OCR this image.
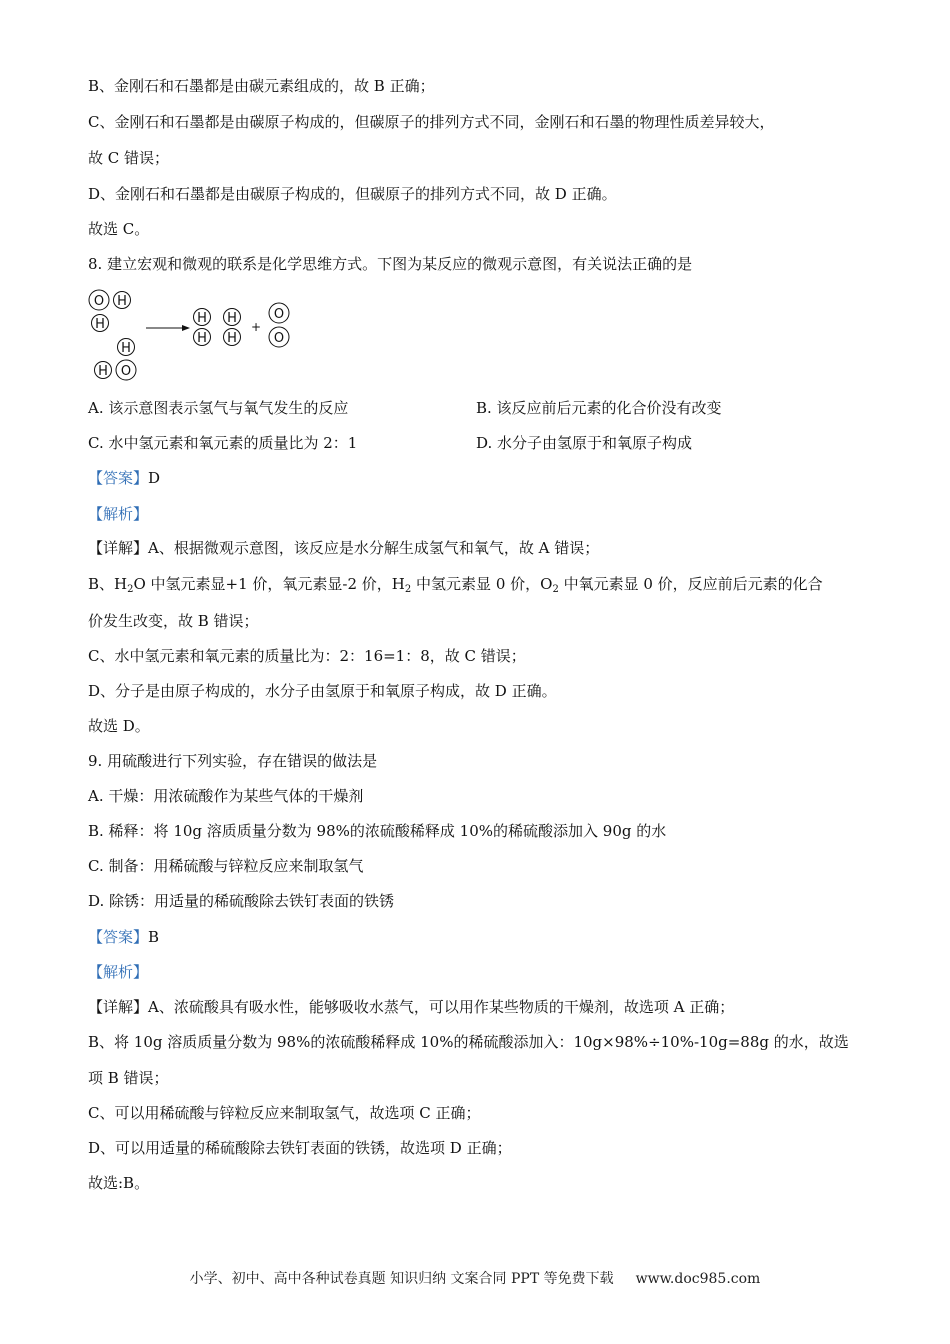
B、金刚石和石墨都是由碳元素组成的，故 B 正确；
C、金刚石和石墨都是由碳原子构成的，但碳原子的排列方式不同，金刚石和石墨的物理性质差异较大，
故 C 错误；
D、金刚石和石墨都是由碳原子构成的，但碳原子的排列方式不同，故 D 正确。
故选 C。
8. 建立宏观和微观的联系是化学思维方式。下图为某反应的微观示意图，有关说法正确的是
O H
H
H
H O
H
H
H
H
O
O
+
A. 该示意图表示氢气与氧气发生的反应	B. 该反应前后元素的化合价没有改变
C. 水中氢元素和氧元素的质量比为 2：1	D. 水分子由氢原于和氧原子构成
【答案】D
【解析】
【详解】A、根据微观示意图，该反应是水分解生成氢气和氧气，故 A 错误；
B、$H_2O$ 中氢元素显+1 价，氧元素显-2 价，$H_2$ 中氢元素显 0 价，$O_2$ 中氧元素显 0 价，反应前后元素的化合
价发生改变，故 B 错误；
C、水中氢元素和氧元素的质量比为：2：16=1：8，故 C 错误；
D、分子是由原子构成的，水分子由氢原于和氧原子构成，故 D 正确。
故选 D。
9. 用硫酸进行下列实验，存在错误的做法是
A. 干燥：用浓硫酸作为某些气体的干燥剂
B. 稀释：将 10g 溶质质量分数为 98%的浓硫酸稀释成 10%的稀硫酸添加入 90g 的水
C. 制备：用稀硫酸与锌粒反应来制取氢气
D. 除锈：用适量的稀硫酸除去铁钉表面的铁锈
【答案】B
【解析】
【详解】A、浓硫酸具有吸水性，能够吸收水蒸气，可以用作某些物质的干燥剂，故选项 A 正确；
B、将 10g 溶质质量分数为 98%的浓硫酸稀释成 10%的稀硫酸添加入：10g×98%÷10%-10g=88g 的水，故选
项 B 错误；
C、可以用稀硫酸与锌粒反应来制取氢气，故选项 C 正确；
D、可以用适量的稀硫酸除去铁钉表面的铁锈，故选项 D 正确；
故选:B。
小学、初中、高中各种试卷真题 知识归纳 文案合同 PPT 等免费下载 www.doc985.com
